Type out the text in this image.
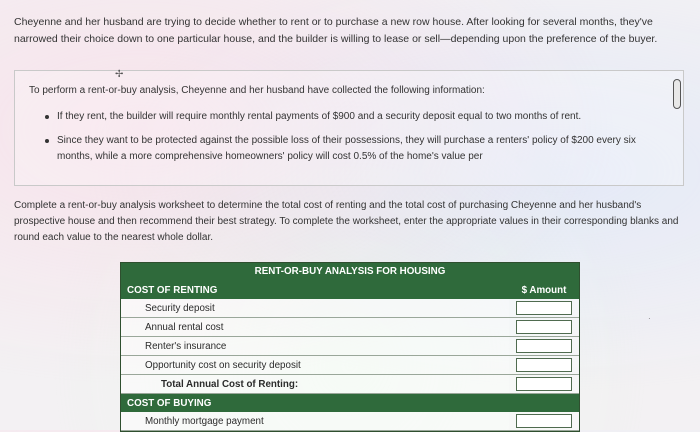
Cheyenne and her husband are trying to decide whether to rent or to purchase a new row house. After looking for several months, they've narrowed their choice down to one particular house, and the builder is willing to lease or sell—depending upon the preference of the buyer.

To perform a rent-or-buy analysis, Cheyenne and her husband have collected the following information:

If they rent, the builder will require monthly rental payments of $900 and a security deposit equal to two months of rent.
Since they want to be protected against the possible loss of their possessions, they will purchase a renters' policy of $200 every six months, while a more comprehensive homeowners' policy will cost 0.5% of the home's value per
✢
Complete a rent-or-buy analysis worksheet to determine the total cost of renting and the total cost of purchasing Cheyenne and her husband's prospective house and then recommend their best strategy. To complete the worksheet, enter the appropriate values in their corresponding blanks and round each value to the nearest whole dollar.
RENT-OR-BUY ANALYSIS FOR HOUSING
COST OF RENTING	$ Amount
Security deposit
Annual rental cost
Renter's insurance
Opportunity cost on security deposit
Total Annual Cost of Renting:
COST OF BUYING
Monthly mortgage payment
·
